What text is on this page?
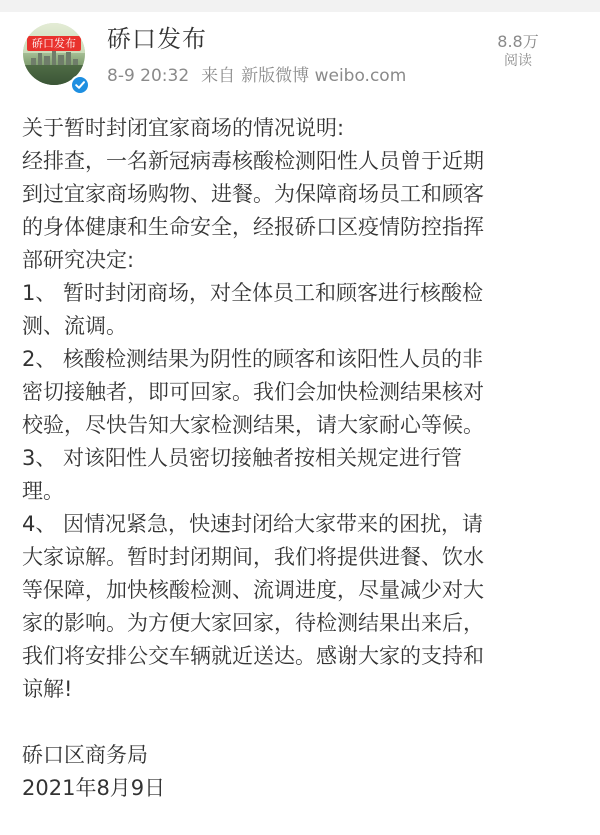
硚口发布 硚口发布
8-9 20:32 来自 新版微博 weibo.com
8.8万
阅读

关于暂时封闭宜家商场的情况说明:

经排查，一名新冠病毒核酸检测阳性人员曾于近期

到过宜家商场购物、进餐。为保障商场员工和顾客

的身体健康和生命安全，经报硚口区疫情防控指挥

部研究决定:

1、 暂时封闭商场，对全体员工和顾客进行核酸检

测、流调。

2、 核酸检测结果为阴性的顾客和该阳性人员的非

密切接触者，即可回家。我们会加快检测结果核对

校验，尽快告知大家检测结果，请大家耐心等候。

3、 对该阳性人员密切接触者按相关规定进行管

理。

4、 因情况紧急，快速封闭给大家带来的困扰，请

大家谅解。暂时封闭期间，我们将提供进餐、饮水

等保障，加快核酸检测、流调进度，尽量减少对大

家的影响。为方便大家回家，待检测结果出来后，

我们将安排公交车辆就近送达。感谢大家的支持和

谅解!

硚口区商务局

2021年8月9日
